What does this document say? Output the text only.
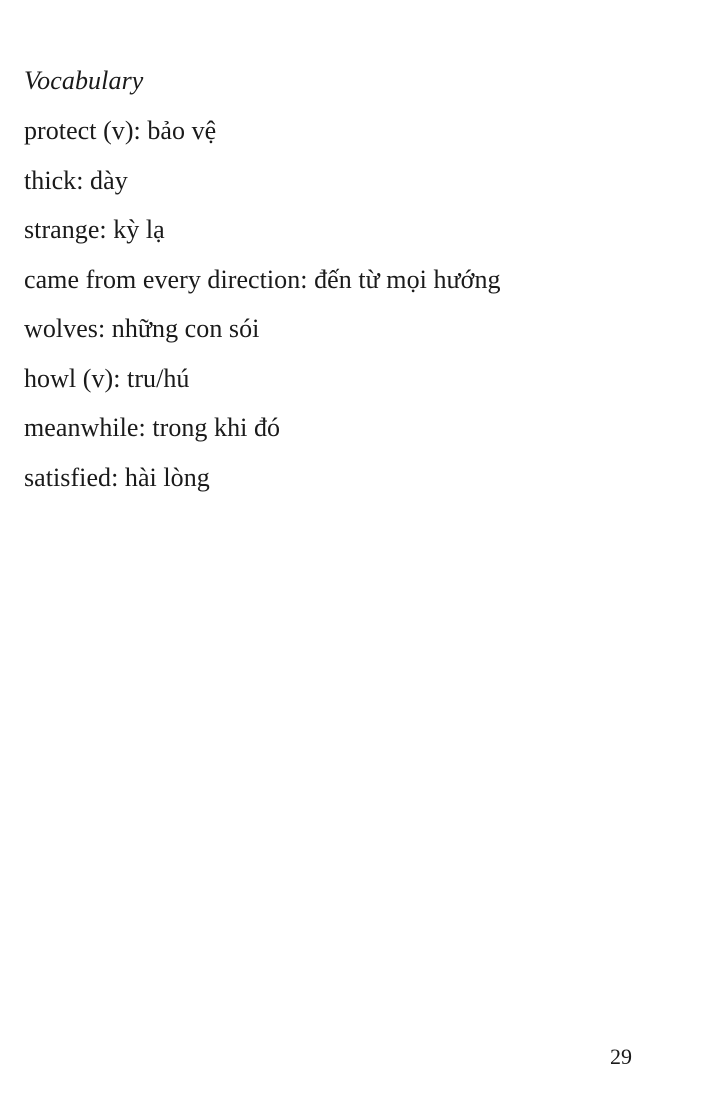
Vocabulary
protect (v): bảo vệ
thick: dày
strange: kỳ lạ
came from every direction: đến từ mọi hướng
wolves: những con sói
howl (v): tru/hú
meanwhile: trong khi đó
satisfied: hài lòng
29
